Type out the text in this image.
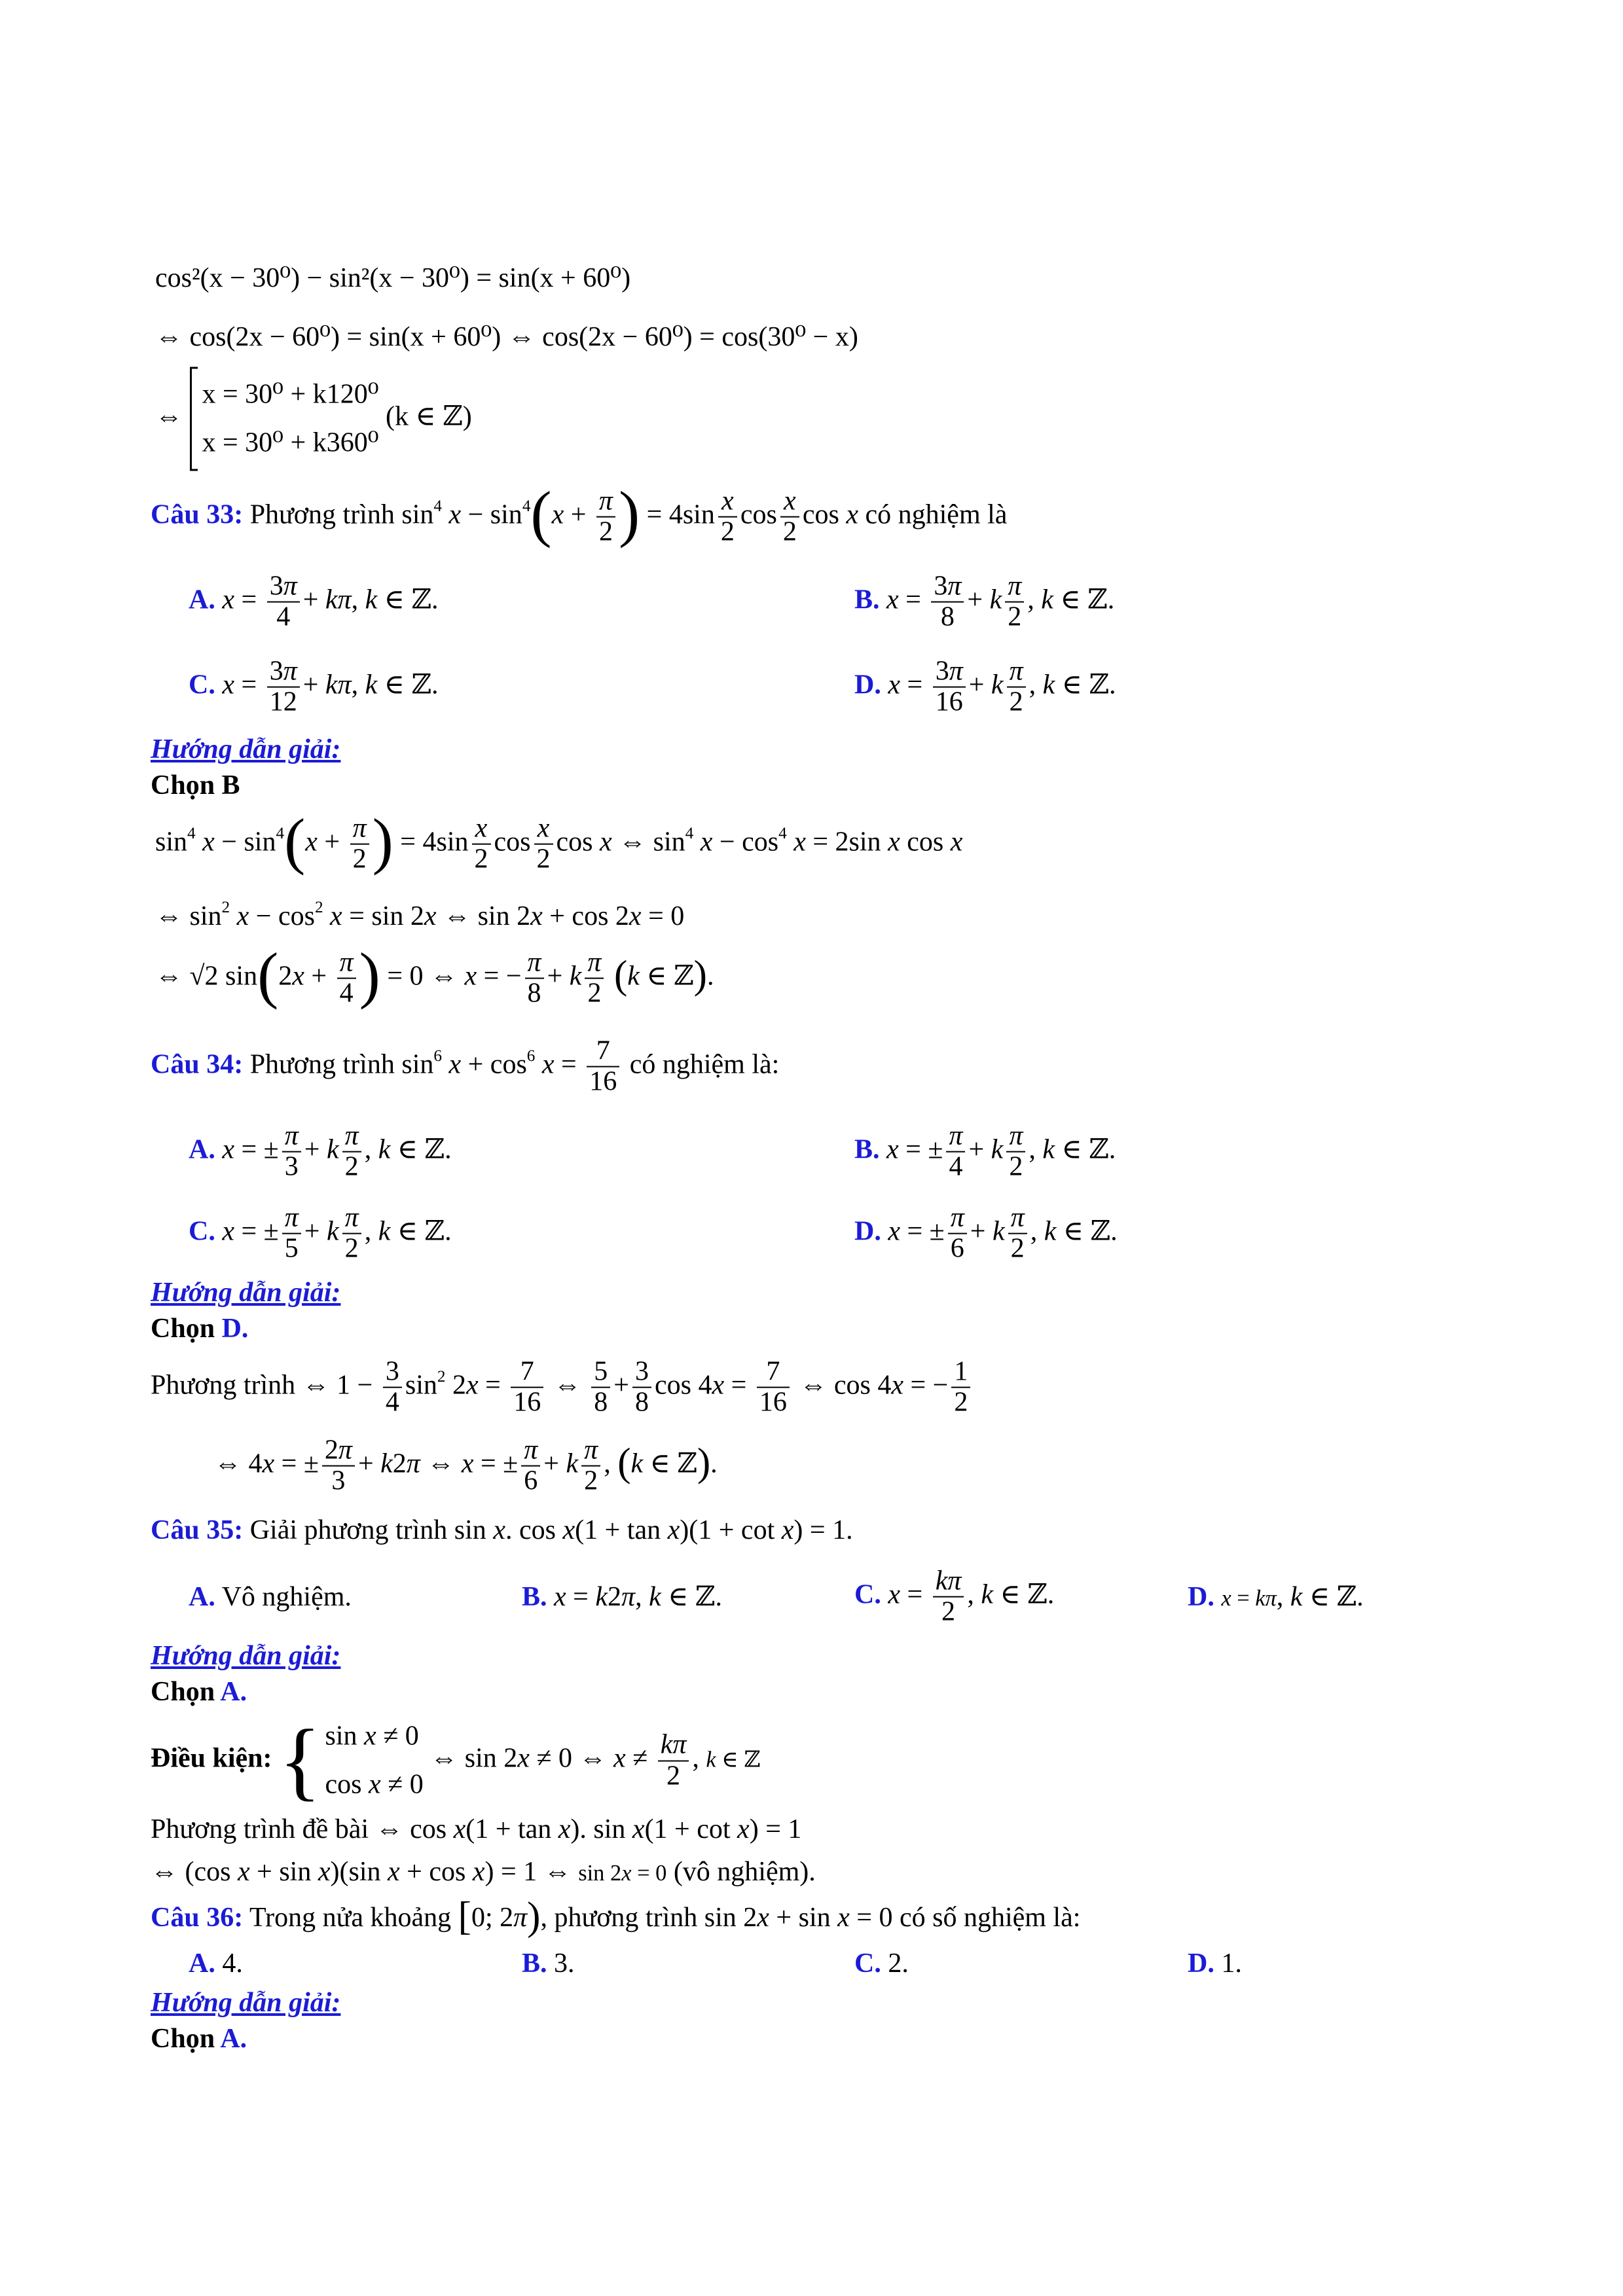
cos²(x − 30⁰) − sin²(x − 30⁰) = sin(x + 60⁰)
⇔ cos(2x − 60⁰) = sin(x + 60⁰) ⇔ cos(2x − 60⁰) = cos(30⁰ − x)
⇔ x = 30⁰ + k120⁰
x = 30⁰ + k360⁰ (k ∈ ℤ)
Câu 33: Phương trình $\sin^4 x - \sin^4(x + \frac{\pi}{2}$ ) = $4\sin \frac{x}{2}$ $\cos \frac{x}{2}$ cos x có nghiệm là
A. $x = \frac{3\pi}{4} + k\pi$, k ∈ ℤ.	B. $x = \frac{3\pi}{8} + k \frac{\pi}{2}$ , k ∈ ℤ.
C. $x = \frac{3\pi}{12} + k\pi$, k ∈ ℤ.	D. $x = \frac{3\pi}{16} + k \frac{\pi}{2}$ , k ∈ ℤ.
Hướng dẫn giải:
Chọn B
$\sin^4 x - \sin^4(x + \frac{\pi}{2}$ ) = $4\sin \frac{x}{2}$ $\cos \frac{x}{2}$ cos x ⇔ $\sin^4 x - \cos^4 x = 2\sin$ x cos x
⇔ $\sin^2 x - \cos^2 x = \sin 2x$ ⇔ sin 2x + cos 2x = 0
⇔ √2 $\sin(2x + \frac{\pi}{4}$ ) = 0 ⇔ x = − $\frac{\pi}{8} + k \frac{\pi}{2} (k$ ∈ ℤ).
Câu 34: Phương trình $\sin^6 x + \cos^6 x = \frac{7}{16}$ có nghiệm là:
A. x = ± $\frac{\pi}{3} + k \frac{\pi}{2}$ , k ∈ ℤ.	B. x = ± $\frac{\pi}{4} + k \frac{\pi}{2}$ , k ∈ ℤ.
C. x = ± $\frac{\pi}{5} + k \frac{\pi}{2}$ , k ∈ ℤ.	D. x = ± $\frac{\pi}{6} + k \frac{\pi}{2}$ , k ∈ ℤ.
Hướng dẫn giải:
Chọn D.
Phương trình ⇔ $1 - \frac{3}{4} \sin^2 2x = \frac{7}{16}$ ⇔ $\frac{5}{8} + \frac{3}{8}$ $\cos 4x = \frac{7}{16}$ ⇔ cos 4x = − $\frac{1}{2}$
⇔ 4x = ± $\frac{2\pi}{3} + k2\pi$ ⇔ x = ± $\frac{\pi}{6} + k \frac{\pi}{2}$ , (k ∈ ℤ).
Câu 35: Giải phương trình sin x. cos x(1 + tan x)(1 + cot x) = 1.
A. Vô nghiệm.	B. x = k2π, k ∈ ℤ.	C. $x = \frac{k\pi}{2}$ , k ∈ ℤ.	D. x = kπ, k ∈ ℤ.
Hướng dẫn giải:
Chọn A.
Điều kiện: { sin x ≠ 0
cos x ≠ 0 ⇔ sin 2x ≠ 0 ⇔ $x \ne \frac{k\pi}{2}$ , k ∈ ℤ
Phương trình đề bài ⇔ cos x(1 + tan x). sin x(1 + cot x) = 1
⇔ (cos x + sin x)(sin x + cos x) = 1 ⇔ sin 2x = 0 (vô nghiệm).
Câu 36: Trong nửa khoảng [0; 2π), phương trình sin 2x + sin x = 0 có số nghiệm là:
A. 4.	B. 3.	C. 2.	D. 1.
Hướng dẫn giải:
Chọn A.
